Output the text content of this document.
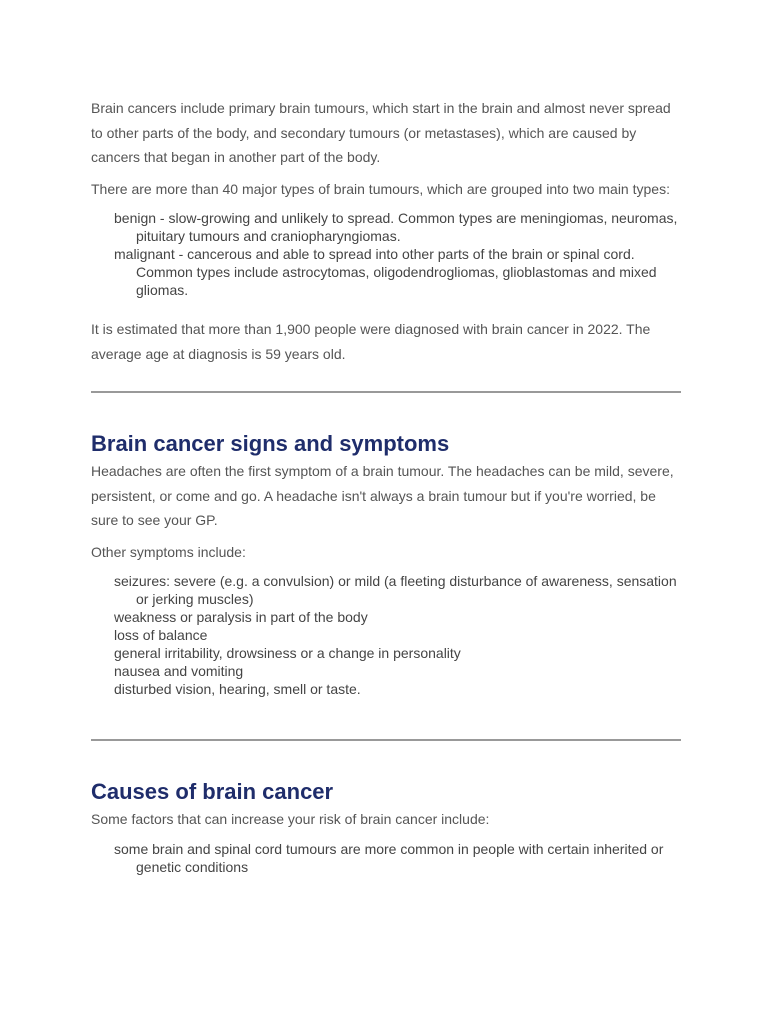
Brain cancers include primary brain tumours, which start in the brain and almost never spread to other parts of the body, and secondary tumours (or metastases), which are caused by cancers that began in another part of the body.

There are more than 40 major types of brain tumours, which are grouped into two main types:

benign - slow-growing and unlikely to spread. Common types are meningiomas, neuromas, pituitary tumours and craniopharyngiomas.
malignant - cancerous and able to spread into other parts of the brain or spinal cord. Common types include astrocytomas, oligodendrogliomas, glioblastomas and mixed gliomas.

It is estimated that more than 1,900 people were diagnosed with brain cancer in 2022. The average age at diagnosis is 59 years old.

Brain cancer signs and symptoms

Headaches are often the first symptom of a brain tumour. The headaches can be mild, severe, persistent, or come and go. A headache isn't always a brain tumour but if you're worried, be sure to see your GP.

Other symptoms include:

seizures: severe (e.g. a convulsion) or mild (a fleeting disturbance of awareness, sensation or jerking muscles)
weakness or paralysis in part of the body
loss of balance
general irritability, drowsiness or a change in personality
nausea and vomiting
disturbed vision, hearing, smell or taste.
Causes of brain cancer

Some factors that can increase your risk of brain cancer include:

some brain and spinal cord tumours are more common in people with certain inherited or genetic conditions
